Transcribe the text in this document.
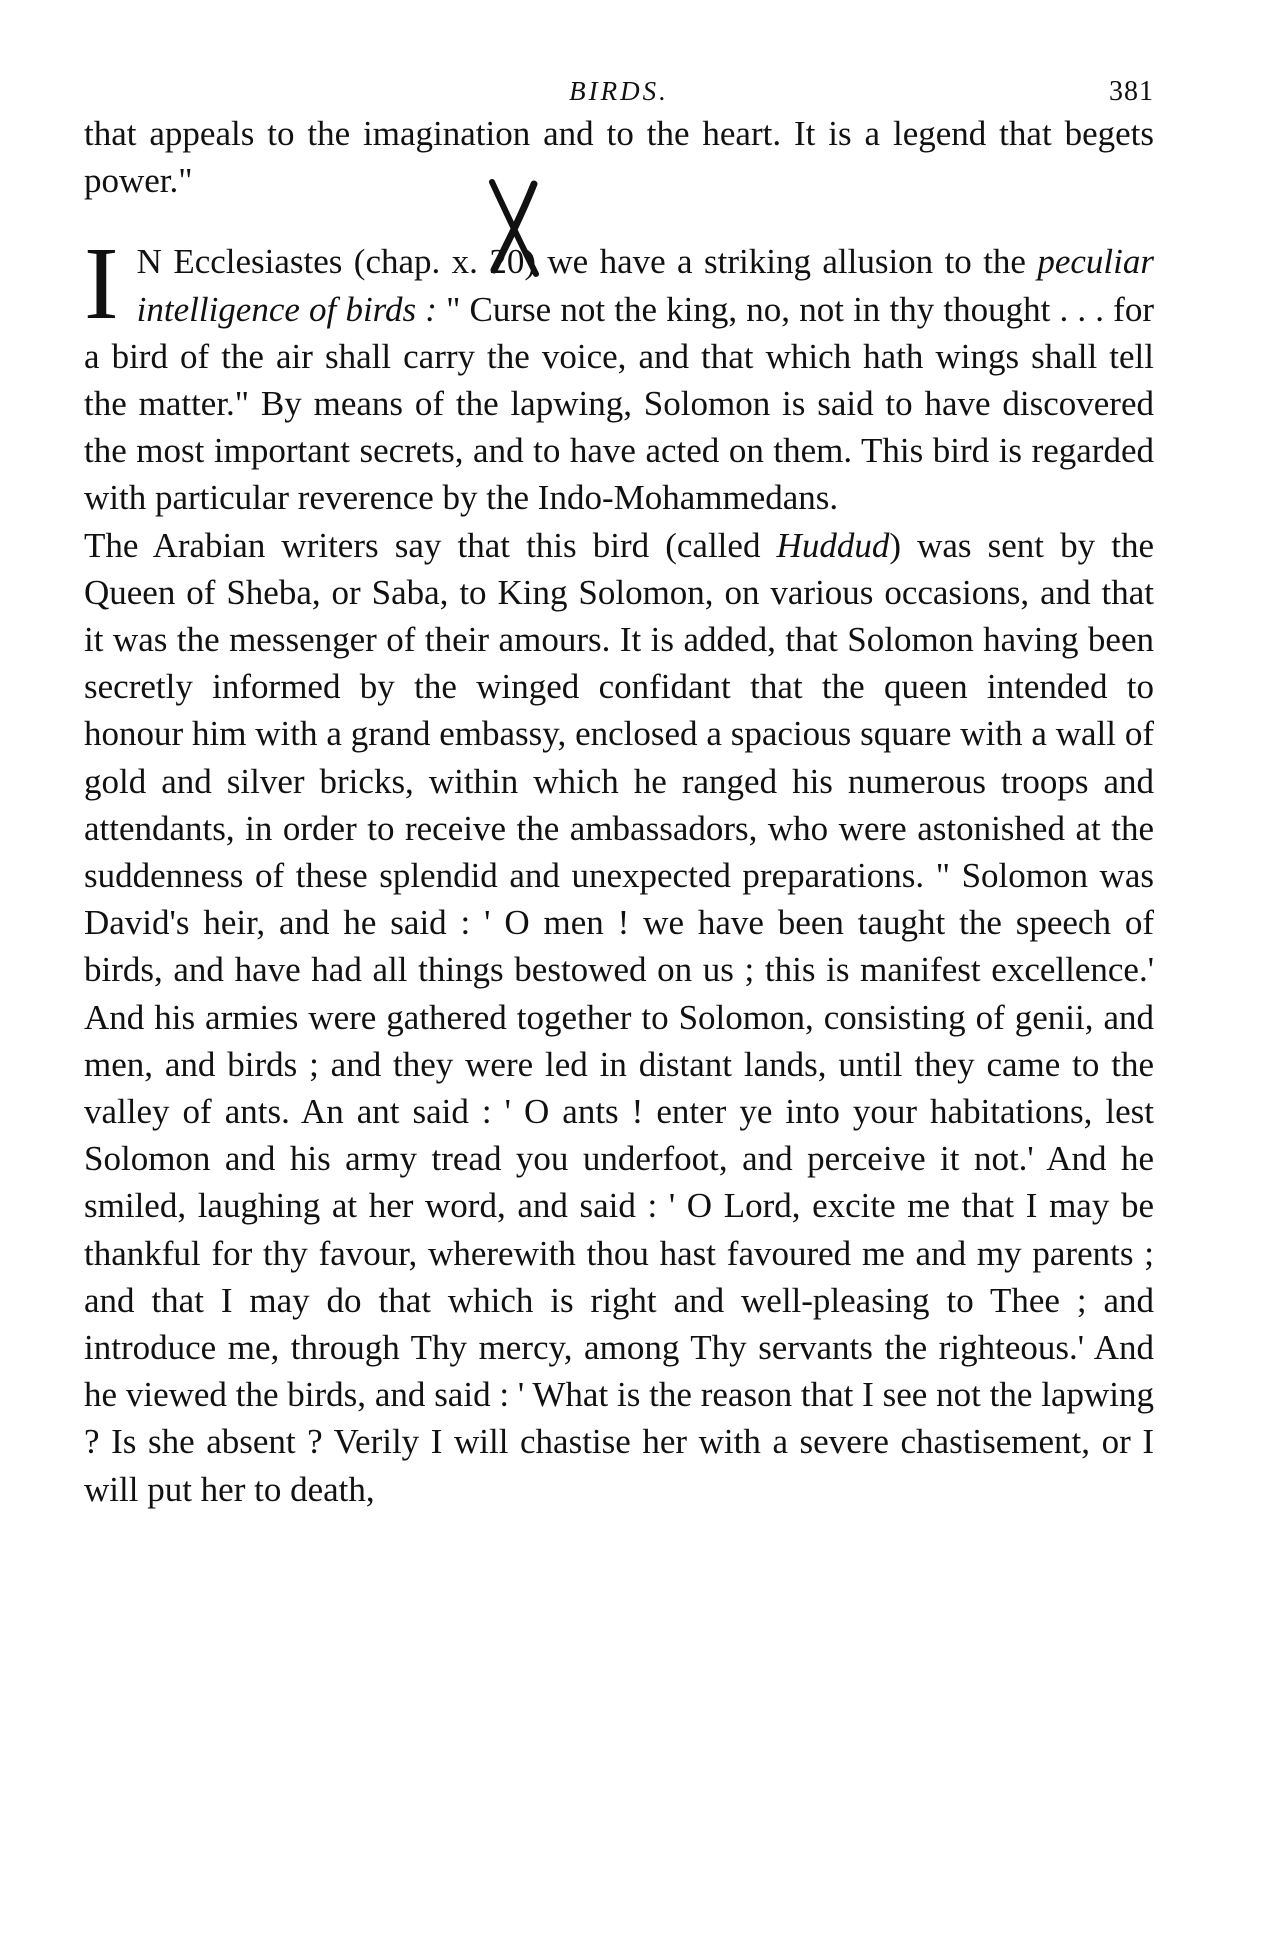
BIRDS.	381

that appeals to the imagination and to the heart. It is a legend that begets power."

I N Ecclesiastes (chap. x. 20) we have a striking allusion to the peculiar intelligence of birds : " Curse not the king, no, not in thy thought . . . for a bird of the air shall carry the voice, and that which hath wings shall tell the matter." By means of the lapwing, Solomon is said to have discovered the most important secrets, and to have acted on them. This bird is regarded with particular reverence by the Indo-Mohammedans.

The Arabian writers say that this bird (called Huddud) was sent by the Queen of Sheba, or Saba, to King Solomon, on various occasions, and that it was the messenger of their amours. It is added, that Solomon having been secretly informed by the winged confidant that the queen intended to honour him with a grand embassy, enclosed a spacious square with a wall of gold and silver bricks, within which he ranged his numerous troops and attendants, in order to receive the ambassadors, who were astonished at the suddenness of these splendid and unexpected preparations. " Solomon was David's heir, and he said : ' O men ! we have been taught the speech of birds, and have had all things bestowed on us ; this is manifest excellence.' And his armies were gathered together to Solomon, consisting of genii, and men, and birds ; and they were led in distant lands, until they came to the valley of ants. An ant said : ' O ants ! enter ye into your habitations, lest Solomon and his army tread you underfoot, and perceive it not.' And he smiled, laughing at her word, and said : ' O Lord, excite me that I may be thankful for thy favour, wherewith thou hast favoured me and my parents ; and that I may do that which is right and well-pleasing to Thee ; and introduce me, through Thy mercy, among Thy servants the righteous.' And he viewed the birds, and said : ' What is the reason that I see not the lapwing ? Is she absent ? Verily I will chastise her with a severe chastisement, or I will put her to death,
